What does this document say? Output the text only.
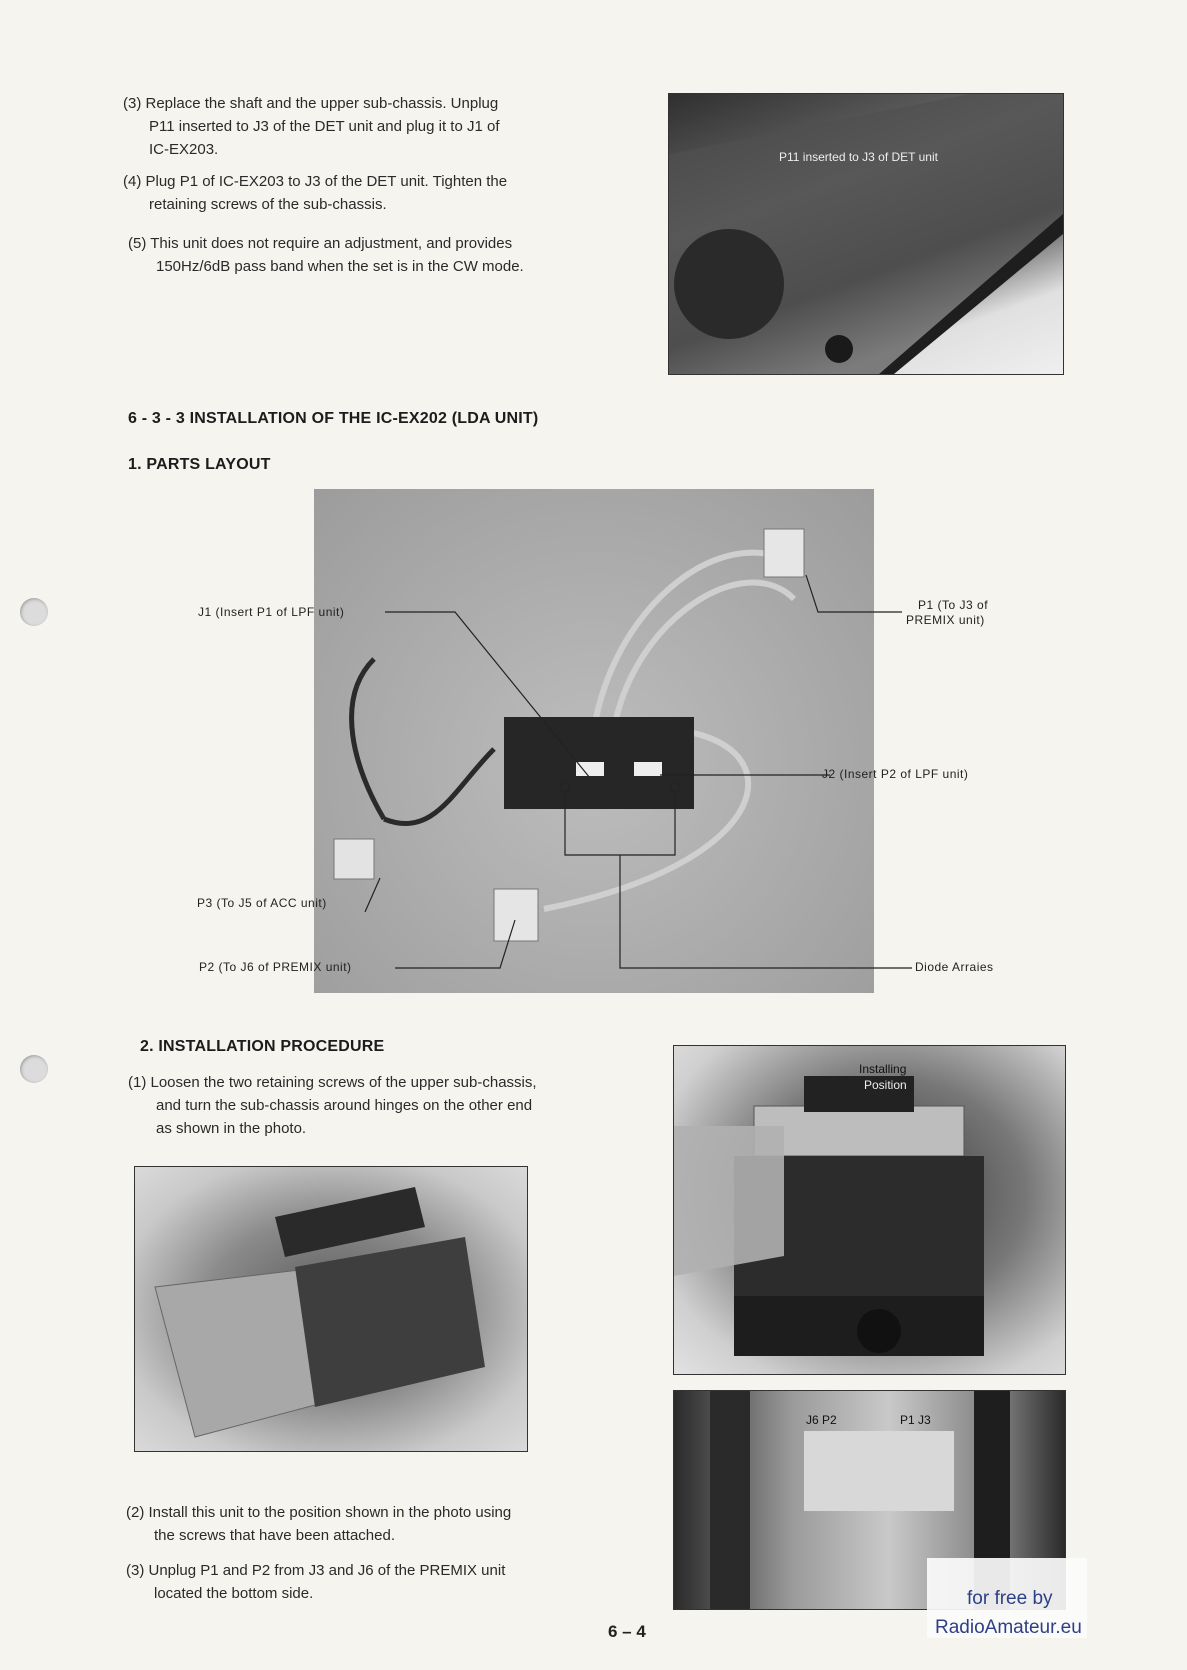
(3) Replace the shaft and the upper sub-chassis. Unplug
P11 inserted to J3 of the DET unit and plug it to J1 of
IC-EX203.
(4) Plug P1 of IC-EX203 to J3 of the DET unit. Tighten the
retaining screws of the sub-chassis.
(5) This unit does not require an adjustment, and provides
150Hz/6dB pass band when the set is in the CW mode.
P11 inserted to J3 of DET unit
6 - 3 - 3 INSTALLATION OF THE IC-EX202 (LDA UNIT)
1. PARTS LAYOUT
J1 (Insert P1 of LPF unit)	P1 (To J3 of
PREMIX unit)
J2 (Insert P2 of LPF unit)
P3 (To J5 of ACC unit)
P2 (To J6 of PREMIX unit)	Diode Arraies
2. INSTALLATION PROCEDURE
(1) Loosen the two retaining screws of the upper sub-chassis,
and turn the sub-chassis around hinges on the other end
as shown in the photo.
Installing
Position
J6 P2	P1 J3
(2) Install this unit to the position shown in the photo using
the screws that have been attached.
(3) Unplug P1 and P2 from J3 and J6 of the PREMIX unit
located the bottom side.
6 – 4
for free by
RadioAmateur.eu
